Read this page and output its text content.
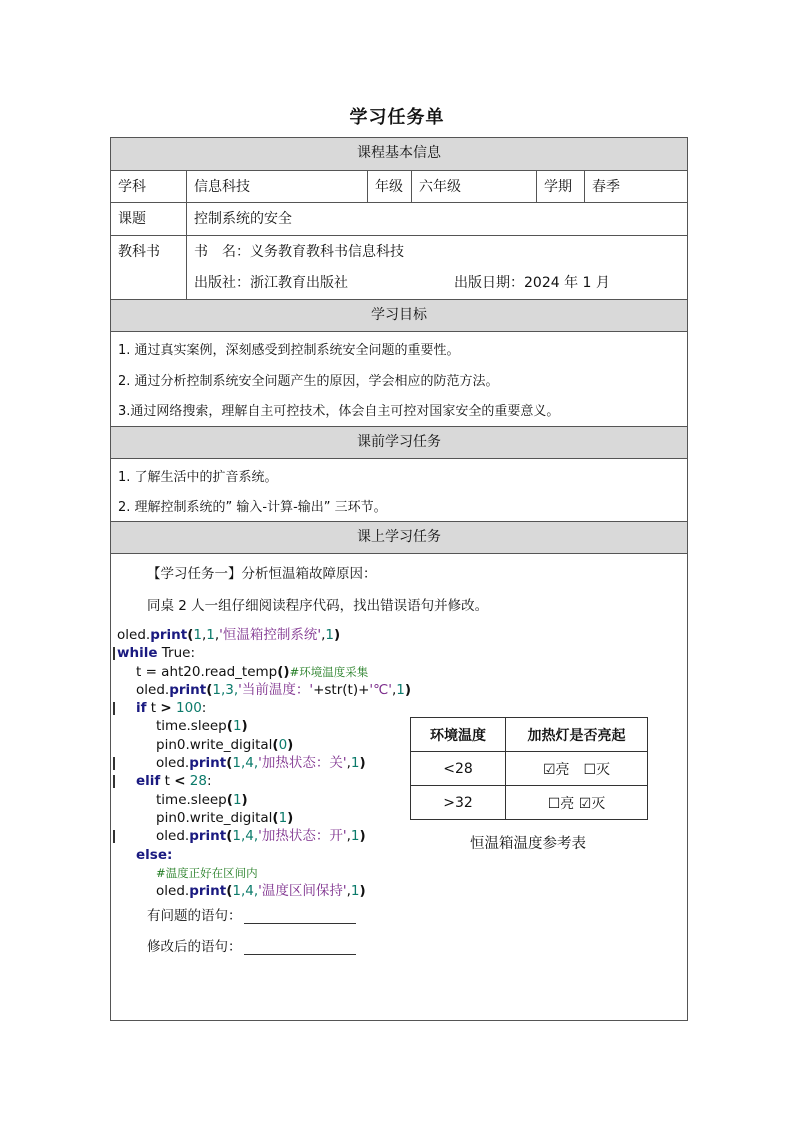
学习任务单
课程基本信息
学科	信息科技	年级	六年级	学期	春季
课题	控制系统的安全
教科书	书　名：义务教育教科书信息科技
出版社：浙江教育出版社	出版日期：2024 年 1 月
学习目标
1. 通过真实案例，深刻感受到控制系统安全问题的重要性。
2. 通过分析控制系统安全问题产生的原因，学会相应的防范方法。
3.通过网络搜索，理解自主可控技术，体会自主可控对国家安全的重要意义。
课前学习任务
1. 了解生活中的扩音系统。
2. 理解控制系统的” 输入-计算-输出” 三环节。
课上学习任务
【学习任务一】分析恒温箱故障原因：
同桌 2 人一组仔细阅读程序代码，找出错误语句并修改。
oled.print(1,1,'恒温箱控制系统',1)
while True:
t = aht20.read_temp()#环境温度采集
oled.print(1,3,'当前温度：'+str(t)+'℃',1)
if t > 100:
time.sleep(1)
pin0.write_digital(0)
oled.print(1,4,'加热状态：关',1)
elif t < 28:
time.sleep(1)
pin0.write_digital(1)
oled.print(1,4,'加热状态：开',1)
else:
#温度正好在区间内
oled.print(1,4,'温度区间保持',1)
环境温度	加热灯是否亮起
<28	☑亮　☐灭
>32	☐亮 ☑灭
恒温箱温度参考表
有问题的语句：
修改后的语句：
